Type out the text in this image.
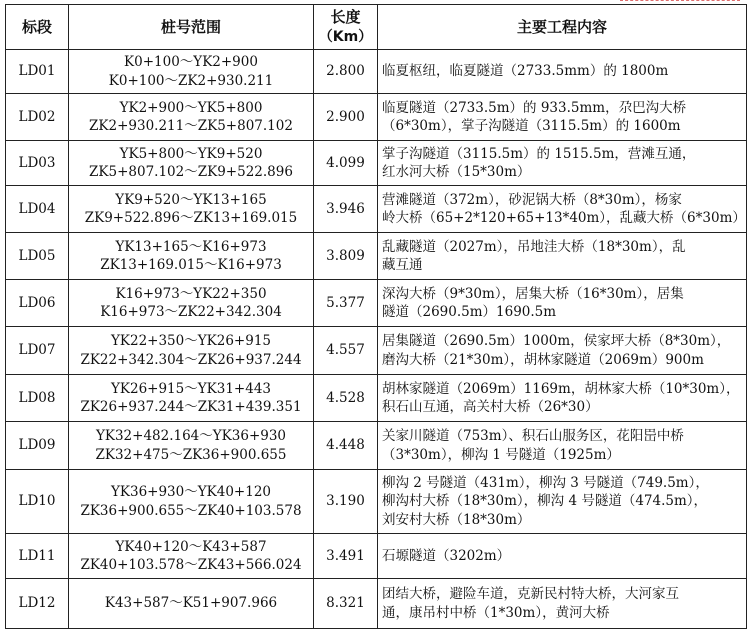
标段	桩号范围	长度
（Km）	主要工程内容
LD01	K0+100～YK2+900
K0+100～ZK2+930.211	2.800	临夏枢纽，临夏隧道（2733.5mm）的 1800m

LD02	YK2+900～YK5+800
ZK2+930.211～ZK5+807.102	2.900	临夏隧道（2733.5m）的 933.5mm，尕巴沟大桥
（6*30m），掌子沟隧道（3115.5m）的 1600m

LD03	YK5+800～YK9+520
ZK5+807.102～ZK9+522.896	4.099	掌子沟隧道（3115.5m）的 1515.5m，营滩互通，
红水河大桥（15*30m）

LD04	YK9+520～YK13+165
ZK9+522.896～ZK13+169.015	3.946	营滩隧道（372m），砂泥锅大桥（8*30m），杨家
岭大桥（65+2*120+65+13*40m），乱藏大桥（6*30m）

LD05	YK13+165～K16+973
ZK13+169.015～K16+973	3.809	乱藏隧道（2027m），吊地洼大桥（18*30m），乱
藏互通

LD06	K16+973～YK22+350
K16+973～ZK22+342.304	5.377	深沟大桥（9*30m），居集大桥（16*30m），居集
隧道（2690.5m）1690.5m

LD07	YK22+350～YK26+915
ZK22+342.304～ZK26+937.244	4.557	居集隧道（2690.5m）1000m，侯家坪大桥（8*30m），
磨沟大桥（21*30m），胡林家隧道（2069m）900m

LD08	YK26+915～YK31+443
ZK26+937.244～ZK31+439.351	4.528	胡林家隧道（2069m）1169m，胡林家大桥（10*30m），
积石山互通，高关村大桥（26*30）

LD09	YK32+482.164～YK36+930
ZK32+475～ZK36+900.655	4.448	关家川隧道（753m）、积石山服务区，花阳岊中桥
（3*30m），柳沟 1 号隧道（1925m）

LD10	YK36+930～YK40+120
ZK36+900.655～ZK40+103.578	3.190	柳沟 2 号隧道（431m），柳沟 3 号隧道（749.5m），
柳沟村大桥（18*30m），柳沟 4 号隧道（474.5m），
刘安村大桥（18*30m）

LD11	YK40+120～K43+587
ZK40+103.578～ZK43+566.024	3.491	石塬隧道（3202m）

LD12	K43+587～K51+907.966	8.321	团结大桥，避险车道，克新民村特大桥，大河家互
通，康吊村中桥（1*30m），黄河大桥
